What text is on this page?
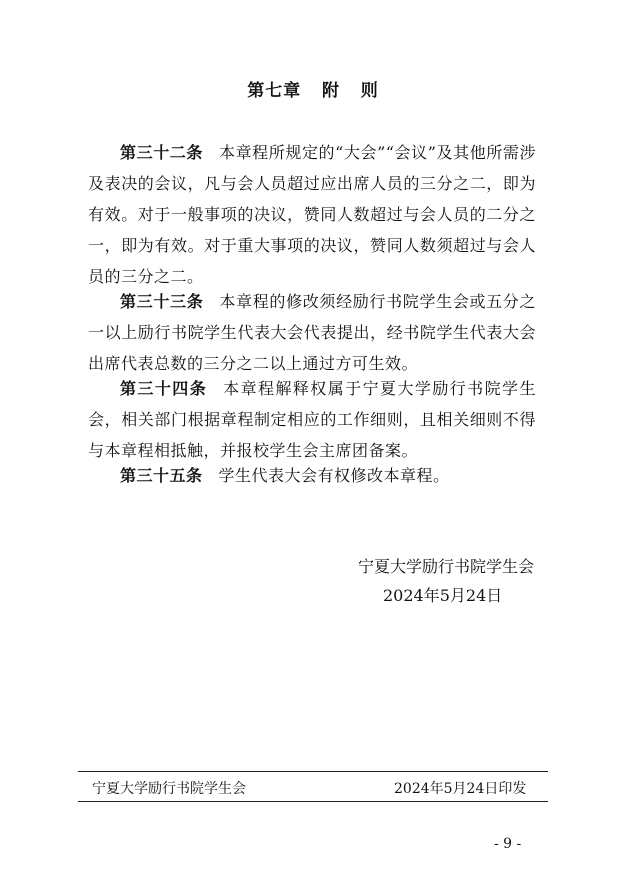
第七章   附   则
第三十二条 本章程所规定的“大会”“会议”及其他所需涉及表决的会议，凡与会人员超过应出席人员的三分之二，即为有效。对于一般事项的决议，赞同人数超过与会人员的二分之一，即为有效。对于重大事项的决议，赞同人数须超过与会人员的三分之二。
第三十三条 本章程的修改须经励行书院学生会或五分之一以上励行书院学生代表大会代表提出，经书院学生代表大会出席代表总数的三分之二以上通过方可生效。
第三十四条 本章程解释权属于宁夏大学励行书院学生会，相关部门根据章程制定相应的工作细则，且相关细则不得与本章程相抵触，并报校学生会主席团备案。
第三十五条 学生代表大会有权修改本章程。
宁夏大学励行书院学生会
2024年5月24日
宁夏大学励行书院学生会	2024年5月24日印发
- 9 -
